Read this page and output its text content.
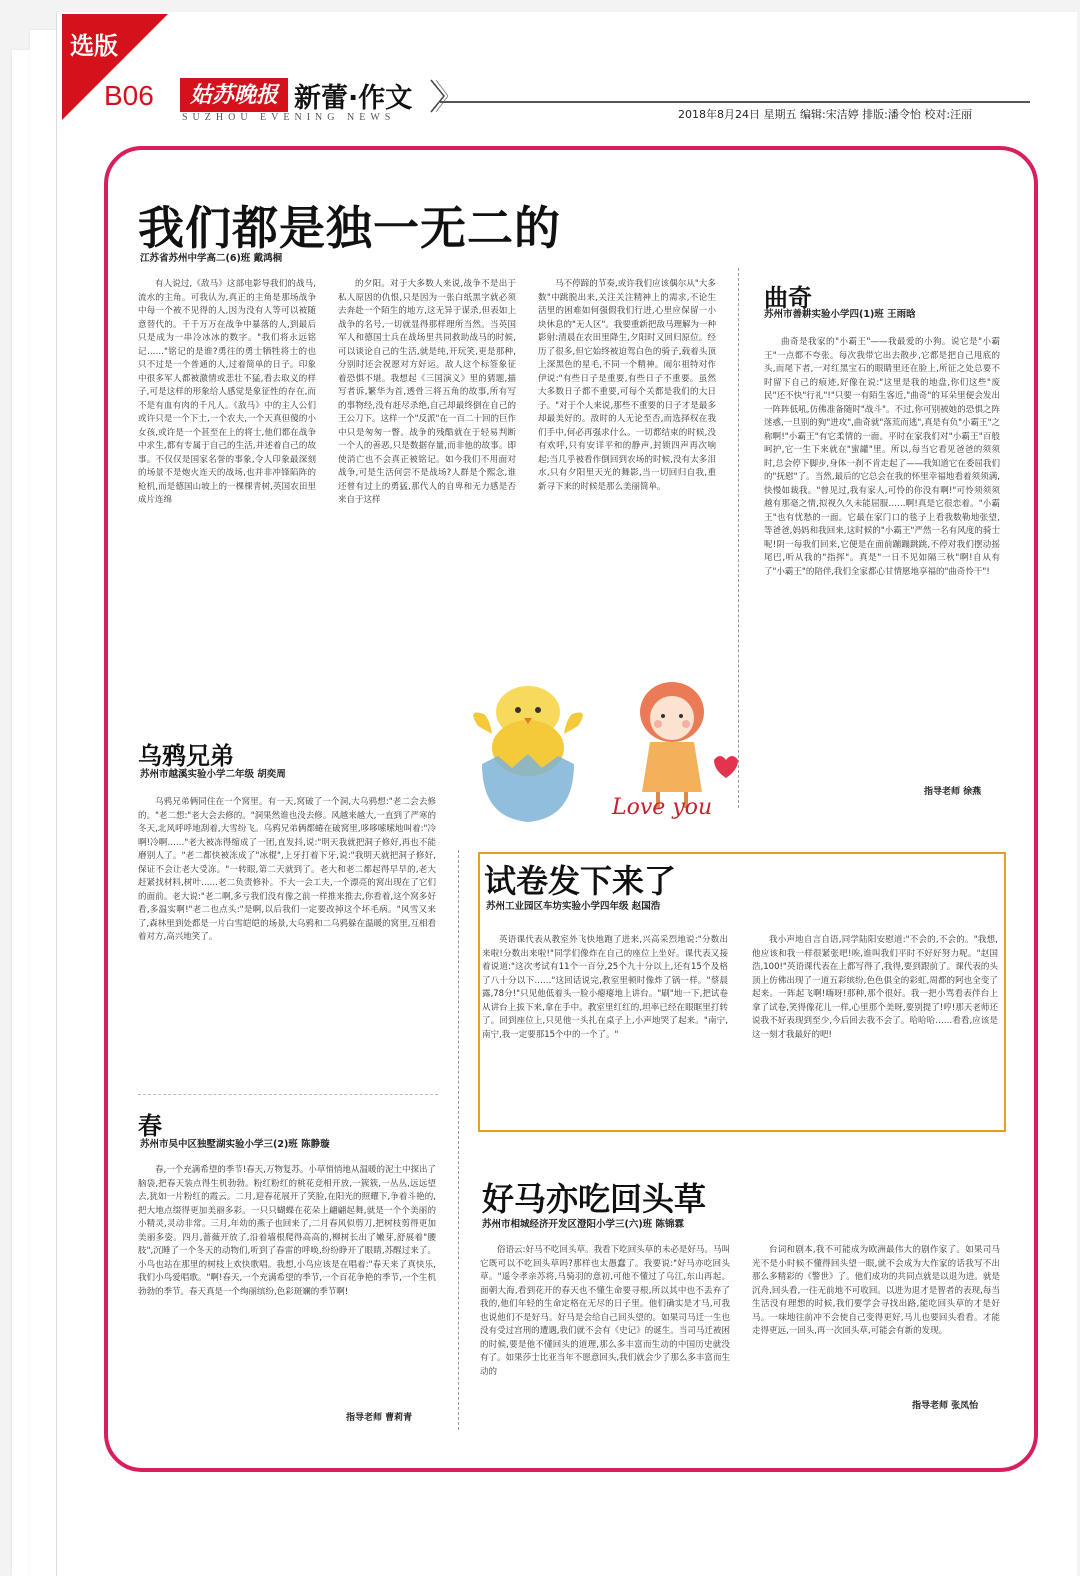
选版
B06	姑苏晚报
SUZHOU EVENING NEWS
新蕾·作文
2018年8月24日 星期五 编辑:宋洁婷 排版:潘令怡 校对:汪丽
我们都是独一无二的
江苏省苏州中学高二(6)班 戴鸿桐

有人说过,《敌马》这部电影导我们的战马,流水的主角。可我认为,真正的主角是那场战争中每一个被不见得的人,因为没有人等可以被随意替代的。千千万万在战争中暴落的人,到最后只是成为一串冷冰冰的数字。"我们将永远铭记……"铭记的是谁?勇往的勇士牺牲将士的也只不过是一个普通的人,过着简单的日子。印象中很多军人都被激情或悲壮不猛,看去取义的样子,可是这样的形象给人感觉是象征性的存在,而不是有血有肉的千凡人。《敌马》中的主人公们或许只是一个下士,一个农夫,一个天真但傻的小女孩,或许是一个甚至在上的将士,他们都在战争中求生,都有专属于自己的生活,并述着自己的故事。不仅仅是国家名誉的事象,令人印象最深刻的场景不是炮火连天的战场,也并非冲锋陷阵的枪机,而是德国山坡上的一棵棵青树,英国农田里成片连绵

的夕阳。对于大多数人来说,战争不是出于私人原因的仇恨,只是因为一张白纸黑字就必须去奔赴一个陌生的地方,这无异于谋杀,但表如上战争的名号,一切就显得那样理所当然。当英国军人和德国士兵在战场里共同救助战马的时候,可以谈论自己的生活,就是纯,开玩笑,更是那种,分别时还会祝愿对方好运。敌人这个标签象征着恐惧不堪。我想起《三国演义》里的猜题,描写者诉,繁华为首,透骨三将五角的故事,所有写的事物经,没有赶尽杀绝,自己却最终倒在自己的王公刀下。这样一个"反派"在一百二十回的巨作中只是匆匆一瞥。战争的残酷就在于轻易判断一个人的善恶,只是数据存量,而非他的故事。即使消亡也不会真正被铭记。如今我们不用面对战争,可是生活何尝不是战场?人群是个熙念,谁还曾有过上的勇猛,那代人的自卑和无力感是否来自于这样

马不停蹄的节奏,或许我们应该偶尔从"大多数"中跳脱出来,关注关注精神上的需求,不论生活里的困难如何强假我们行进,心里应保留一小块休息的"无人区"。我要重新把敌马理解为一种影射:清晨在农田里降生,夕阳时又回归原位。经历了很多,但它始终被迫驾白色的骑子,载着头顶上深黑色的星毛,不同一个精神。闹尔祖特对作伊说:"有些日子是重要,有些日子不重要。虽然大多数日子都不重要,可每个关都是我们的大日子。"对于个人来说,那些不重要的日子才是最多却最美好的。敌时的人无论至否,而选择权在我们手中,何必再强求什么。一切都结束的时候,没有欢呼,只有安详平和的静声,封锁四声再次响起;当几乎被看作倒回到农场的时候,没有太多泪水,只有夕阳里天光的舞影,当一切回归自我,重新寻下来的时候是那么美丽简单。

曲奇
苏州市善耕实验小学四(1)班 王雨晗

曲奇是我家的"小霸王"——我最爱的小狗。说它是"小霸王"一点都不夸张。每次我带它出去散步,它都是把自己甩底的头,而尾下者,一对红黑宝石的眼睛里还在脸上,所征之处总要不时留下自己的痕迹,好像在说:"这里是我的地盘,你们这些"废民"还不快"行礼"!"只要一有陌生客近,"曲奇"的耳朵里便会发出一阵阵低吼,仿佛准备随时"战斗"。不过,你可别被她的恐惧之阵迷惑,一旦别的狗"进攻",曲奇就"落荒而逃",真是有负"小霸王"之称啊!"小霸王"有它柔情的一面。平时在家我们对"小霸王"百般呵护,它一生下来就在"蜜罐"里。所以,每当它看见爸爸的须须时,总会停下脚步,身体一刹不肯走起了——我知道它在委屈我们的"抚慰"了。当然,最后的它总会在我的怀里幸福地看着须须满,快慢如裁我。"曾见过,我有家人,可怜的你没有啊!"可怜须须须越有那毫之情,拟视久久未能屈服……啊!真是它很恋着。"小霸王"也有忧愁的一面。它最在家门口的毯子上看我数勒地张望,等爸爸,妈妈和我回来,这时候的"小霸王"严然一名有风度的骑士呢!阴一每我们回来,它便是在面前蹦蹦跳跳,不停对我们摆动摇尾巴,听从我的"指挥"。真是"一日不见如隔三秋"啊!自从有了"小霸王"的陪伴,我们全家都心甘情愿地享福的"曲奇怜干"!

指导老师 徐燕
Love you
乌鸦兄弟
苏州市越溪实验小学二年级 胡奕周

乌鸦兄弟俩同住在一个窝里。有一天,窝破了一个洞,大乌鸦想:"老二会去修的。"老二想:"老大会去修的。"洞果然谁也没去修。风越来越大,一直到了严寒的冬天,北风呼呼地刮着,大雪纷飞。乌鸦兄弟俩都蜷在破窝里,哆哆嗦嗦地叫着:"冷啊!冷啊……"老大被冻得缩成了一团,直发抖,说:"明天我就把洞子修好,再也不能磨别人了。"老二都快被冻成了"冰棍",上牙打着下牙,说:"我明天就把洞子修好,保证不会让老大受冻。"一转眼,第二天就到了。老大和老二都起得早早的,老大赶紧找材料,树叶……老二负责修补。不大一会工夫,一个漂亮的窝出现在了它们的面前。老大说:"老二啊,多亏我们没有像之前一样推来推去,你看着,这个窝多好看,多温实啊!"老二也点头:"是啊,以后我们一定要改掉这个坏毛病。"风雪又来了,森林里到处都是一片白雪皑皑的场景,大乌鸦和二乌鸦躲在温暖的窝里,互相看着对方,高兴地笑了。

春
苏州市吴中区独墅湖实验小学三(2)班 陈静璇

春,一个充满希望的季节!春天,万物复苏。小草悄悄地从温暖的泥土中探出了脑袋,把春天装点得生机勃勃。粉红粉红的桃花竞相开放,一簇簇,一丛丛,远远望去,犹如一片粉红的霞云。二月,迎春花展开了笑脸,在阳光的照耀下,争着斗艳的,把大地点缀得更加美丽多彩。一只只蝴蝶在花朵上翩翩起舞,就是一个个美丽的小精灵,灵动非常。三月,年幼的燕子也回来了,二月春风似剪刀,把树枝剪得更加美丽多姿。四月,蔷薇开放了,沿着墙根爬得高高的,柳树长出了嫩芽,舒展着"腰肢",沉睡了一个冬天的动物们,听到了春雷的呼唤,纷纷睁开了眼睛,苏醒过来了。小鸟也站在那里的树枝上欢快歌唱。我想,小鸟应该是在唱着:"春天来了真快乐,我们小鸟爱唱歌。"啊!春天,一个充满希望的季节,一个百花争艳的季节,一个生机勃勃的季节。春天真是一个绚丽缤纷,色彩斑斓的季节啊!

指导老师 曹莉青
试卷发下来了
苏州工业园区车坊实验小学四年级 赵国浩

英语课代表从教室外飞快地跑了进来,兴高采烈地说:"分数出来啦!分数出来啦!"同学们像炸在自己的座位上坐好。课代表又接着说道:"这次考试有11个一百分,25个九十分以上,还有15个及格了八十分以下……"这回话说完,教室里顿时像炸了锅一样。"蔡晨露,78分!"只见他低着头一脸小瘪瘪地上讲台。"刷"地一下,把试卷从讲台上拔下来,拿在手中。教室里红红的,坦率已经在眼眶里打转了。回到座位上,只见他一头扎在桌子上,小声地哭了起来。"南宁,南宁,我一定要那15个中的一个了。"

我小声地自言自语,同学陆阳安慰道:"不会的,不会的。"我想,他应该和我一样很紧张吧!唉,谁叫我们平时不好好努力呢。"赵国浩,100!"英语课代表在上都写得了,我得,要到跟前了。课代表的头顶上仿佛出现了一道五彩缤纷,色色俱全的彩虹,周都的阿也全变了起来。一阵起飞啊!嗨呀!那种,那个很好。我一把小骂看表伴台上拿了试卷,笑得像花儿一样,心里那个美呀,要别提了!哼!那天老师还说我不好表现到至少,今后回去我不会了。哈哈哈……看看,应该是这一刻才我最好的吧!

好马亦吃回头草
苏州市相城经济开发区澄阳小学三(六)班 陈锦霖

俗语云:好马不吃回头草。我看下吃回头草的未必是好马。马叫它既可以不吃回头草吗?那样也太愚蠢了。我要说:"好马亦吃回头草。"遥令孝亲苏将,马骑羽的意初,可他不懂过了乌江,东山再起。面朝大海,看到花开的春天也不懂生命要寻根,所以其中也不丢弃了我的,他们年轻的生命定格在无尽的日子里。他们确实是才马,可我也说他们不是好马。好马是会给自己回头望的。如果司马迁一生也没有受过宫刑的遭遇,我们就不会有《史记》的诞生。当司马迁被困的时候,要是他不懂回头的道理,那么多丰富而生动的中国历史就没有了。如果莎士比亚当年不愿意回头,我们就会少了那么多丰富而生动的

台词和剧本,我不可能成为欧洲最伟大的剧作家了。如果司马光不是小时候不懂得回头望一眼,就不会成为大作家的话我写不出那么多精彩的《警世》了。他们成功的共同点就是以退为进。就是沉舟,回头看,一往无前地不可收回。以进为退才是智者的表现,每当生活没有理想的时候,我们要学会寻找出路,能吃回头草的才是好马。一味地往前冲不会使自己变得更好,马儿也要回头看看。才能走得更远,一回头,再一次回头草,可能会有新的发现。

指导老师 张凤怡
